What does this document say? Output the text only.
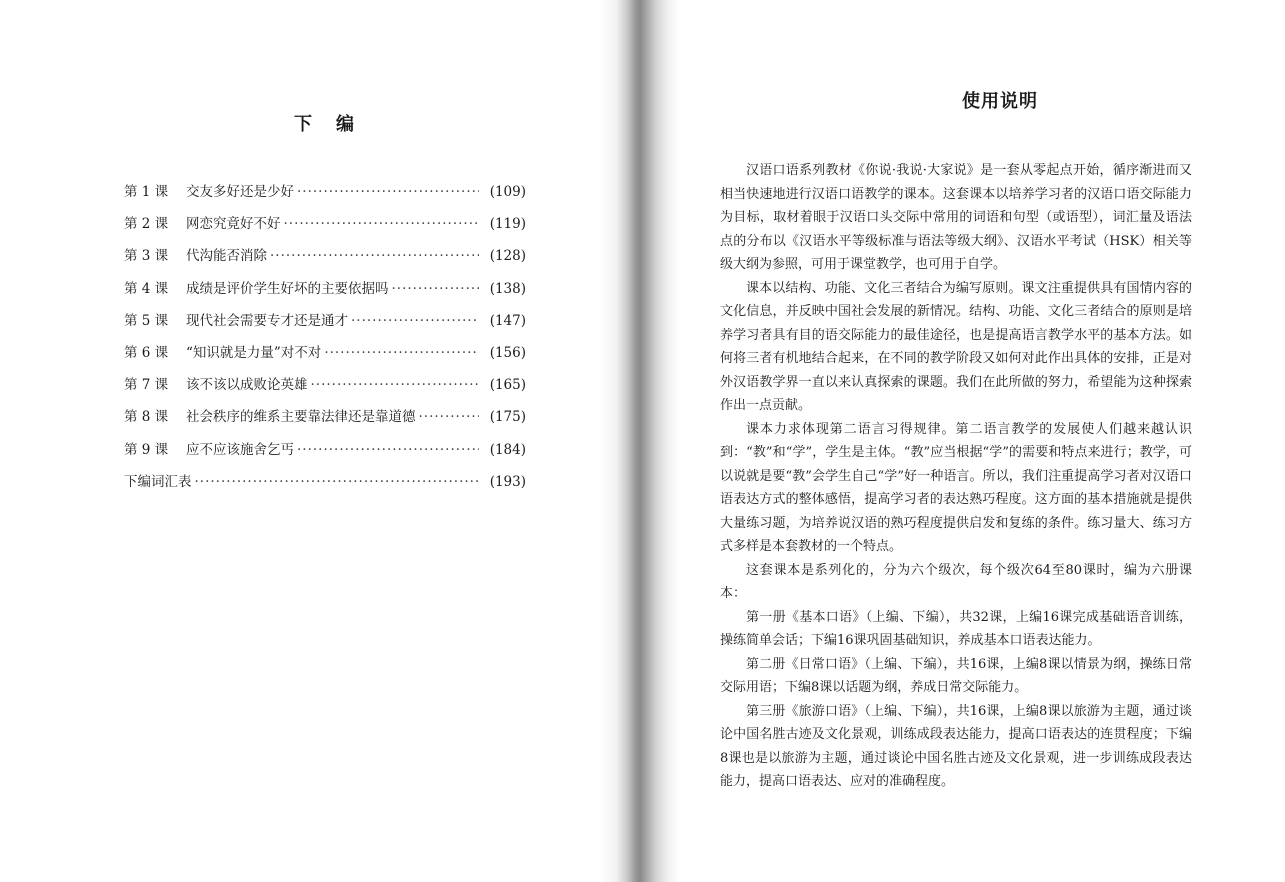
下 编
第 1 课	交友多好还是少好 ·····	(109)
第 2 课	网恋究竟好不好 ·····	(119)
第 3 课	代沟能否消除 ·····	(128)
第 4 课	成绩是评价学生好坏的主要依据吗 ·····	(138)
第 5 课	现代社会需要专才还是通才 ·····	(147)
第 6 课	“知识就是力量”对不对 ·····	(156)
第 7 课	该不该以成败论英雄 ·····	(165)
第 8 课	社会秩序的维系主要靠法律还是靠道德 ·····	(175)
第 9 课	应不应该施舍乞丐 ·····	(184)
下编词汇表 ·····	(193)
使用说明

汉语口语系列教材《你说·我说·大家说》是一套从零起点开始，循序渐进而又相当快速地进行汉语口语教学的课本。这套课本以培养学习者的汉语口语交际能力为目标，取材着眼于汉语口头交际中常用的词语和句型（或语型），词汇量及语法点的分布以《汉语水平等级标准与语法等级大纲》、汉语水平考试（HSK）相关等级大纲为参照，可用于课堂教学，也可用于自学。

课本以结构、功能、文化三者结合为编写原则。课文注重提供具有国情内容的文化信息，并反映中国社会发展的新情况。结构、功能、文化三者结合的原则是培养学习者具有目的语交际能力的最佳途径，也是提高语言教学水平的基本方法。如何将三者有机地结合起来，在不同的教学阶段又如何对此作出具体的安排，正是对外汉语教学界一直以来认真探索的课题。我们在此所做的努力，希望能为这种探索作出一点贡献。

课本力求体现第二语言习得规律。第二语言教学的发展使人们越来越认识到：“教”和“学”，学生是主体。“教”应当根据“学”的需要和特点来进行；教学，可以说就是要“教”会学生自己“学”好一种语言。所以，我们注重提高学习者对汉语口语表达方式的整体感悟，提高学习者的表达熟巧程度。这方面的基本措施就是提供大量练习题，为培养说汉语的熟巧程度提供启发和复练的条件。练习量大、练习方式多样是本套教材的一个特点。

这套课本是系列化的，分为六个级次，每个级次64至80课时，编为六册课本：

第一册《基本口语》（上编、下编），共32课，上编16课完成基础语音训练，操练简单会话；下编16课巩固基础知识，养成基本口语表达能力。

第二册《日常口语》（上编、下编），共16课，上编8课以情景为纲，操练日常交际用语；下编8课以话题为纲，养成日常交际能力。

第三册《旅游口语》（上编、下编），共16课，上编8课以旅游为主题，通过谈论中国名胜古迹及文化景观，训练成段表达能力，提高口语表达的连贯程度；下编8课也是以旅游为主题，通过谈论中国名胜古迹及文化景观，进一步训练成段表达能力，提高口语表达、应对的准确程度。
